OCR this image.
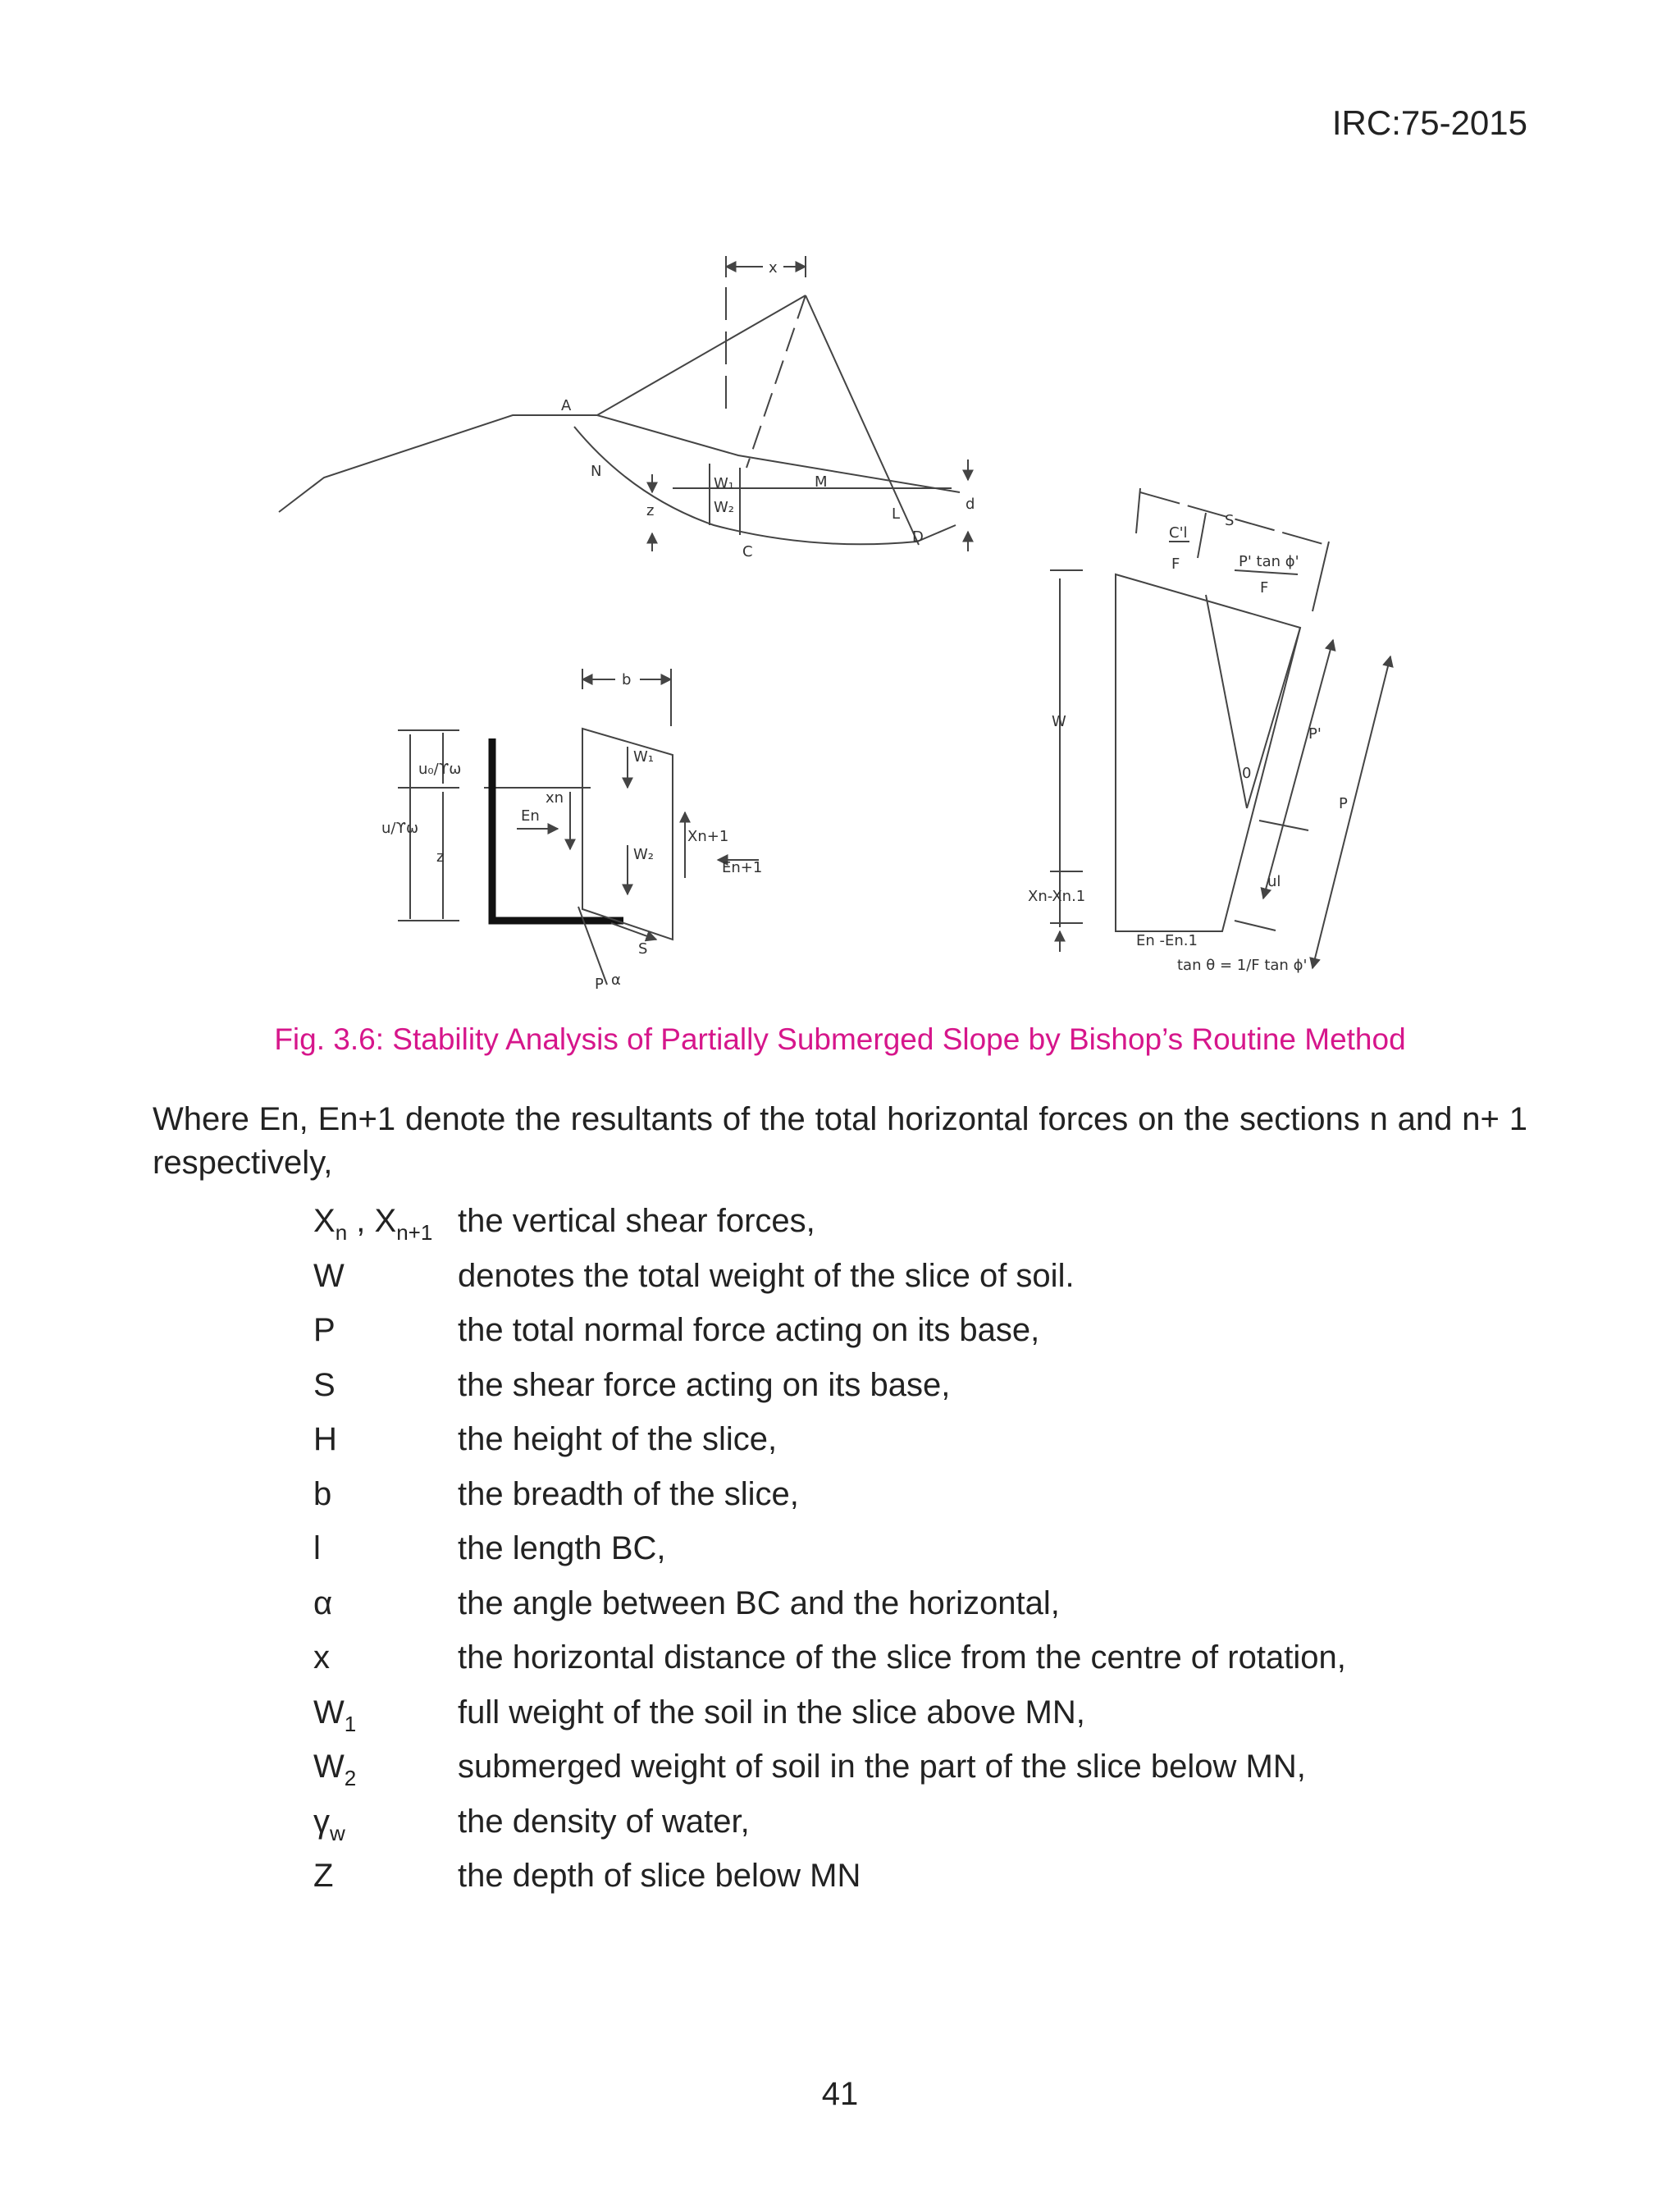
IRC:75-2015
x
A
N
z
W₁
W₂
M
L
D
d
C
b
u₀/ϒω
u/ϒω
z
xn
En
W₁
W₂
Xn+1
En+1
S
P α
W
S
C'l
F	P' tan ɸ'
F
P'
0
P
ul
Xn-Xn.1
En -En.1
tan θ = 1/F tan ɸ'
Fig. 3.6: Stability Analysis of Partially Submerged Slope by Bishop’s Routine Method
Where En, En+1 denote the resultants of the total horizontal forces on the sections n and n+ 1 respectively,
$X_n$ , $X_{n+1}$ the vertical shear forces,
W	denotes the total weight of the slice of soil.
P	the total normal force acting on its base,
S	the shear force acting on its base,
H	the height of the slice,
b	the breadth of the slice,
l	the length BC,
α	the angle between BC and the horizontal,
x	the horizontal distance of the slice from the centre of rotation,
$W_1$	full weight of the soil in the slice above MN,
$W_2$	submerged weight of soil in the part of the slice below MN,
$\gamma_w$	the density of water,
Z	the depth of slice below MN
41
